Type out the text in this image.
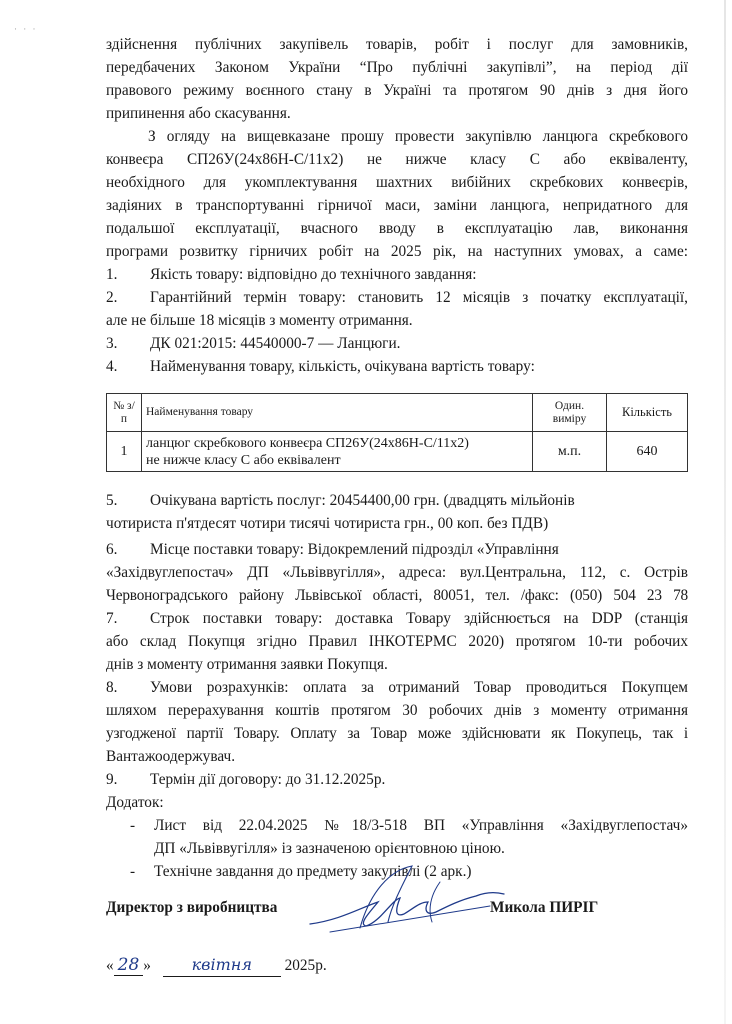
· · ·
здійснення публічних закупівель товарів, робіт і послуг для замовників,
передбачених Законом України “Про публічні закупівлі”, на період дії
правового режиму воєнного стану в Україні та протягом 90 днів з дня його
припинення або скасування.
З огляду на вищевказане прошу провести закупівлю ланцюга скребкового
конвеєра СП26У(24х86Н-С/11х2) не нижче класу С або еквіваленту,
необхідного для укомплектування шахтних вибійних скребкових конвеєрів,
задіяних в транспортуванні гірничої маси, заміни ланцюга, непридатного для
подальшої експлуатації, вчасного вводу в експлуатацію лав, виконання
програми розвитку гірничих робіт на 2025 рік, на наступних умовах, а саме:
1. Якість товару: відповідно до технічного завдання:
2. Гарантійний термін товару: становить 12 місяців з початку експлуатації,
але не більше 18 місяців з моменту отримання.
3. ДК 021:2015: 44540000-7 — Ланцюги.
4. Найменування товару, кількість, очікувана вартість товару:
№ з/п	Найменування товару	Один. виміру	Кількість
1	ланцюг скребкового конвеєра СП26У(24х86Н-С/11х2)
не нижче класу С або еквівалент	м.п.	640
5. Очікувана вартість послуг: 20454400,00 грн. (двадцять мільйонів
чотириста п'ятдесят чотири тисячі чотириста грн., 00 коп. без ПДВ)
6. Місце поставки товару: Відокремлений підрозділ «Управління
«Західвуглепостач» ДП «Львіввугілля», адреса: вул.Центральна, 112, с. Острів
Червоноградського району Львівської області, 80051, тел. /факс: (050) 504 23 78
7. Строк поставки товару: доставка Товару здійснюється на DDP (станція
або склад Покупця згідно Правил ІНКОТЕРМС 2020) протягом 10-ти робочих
днів з моменту отримання заявки Покупця.
8. Умови розрахунків: оплата за отриманий Товар проводиться Покупцем
шляхом перерахування коштів протягом 30 робочих днів з моменту отримання
узгодженої партії Товару. Оплату за Товар може здійснювати як Покупець, так і
Вантажоодержувач.
9. Термін дії договору: до 31.12.2025р.
Додаток:
- Лист від 22.04.2025 №18/3-518 ВП «Управління «Західвуглепостач»
ДП «Львіввугілля» із зазначеною орієнтовною ціною.
- Технічне завдання до предмету закупівлі (2 арк.)
Директор з виробництва	Микола ПИРІГ
« 28 »	квітня 2025р.
